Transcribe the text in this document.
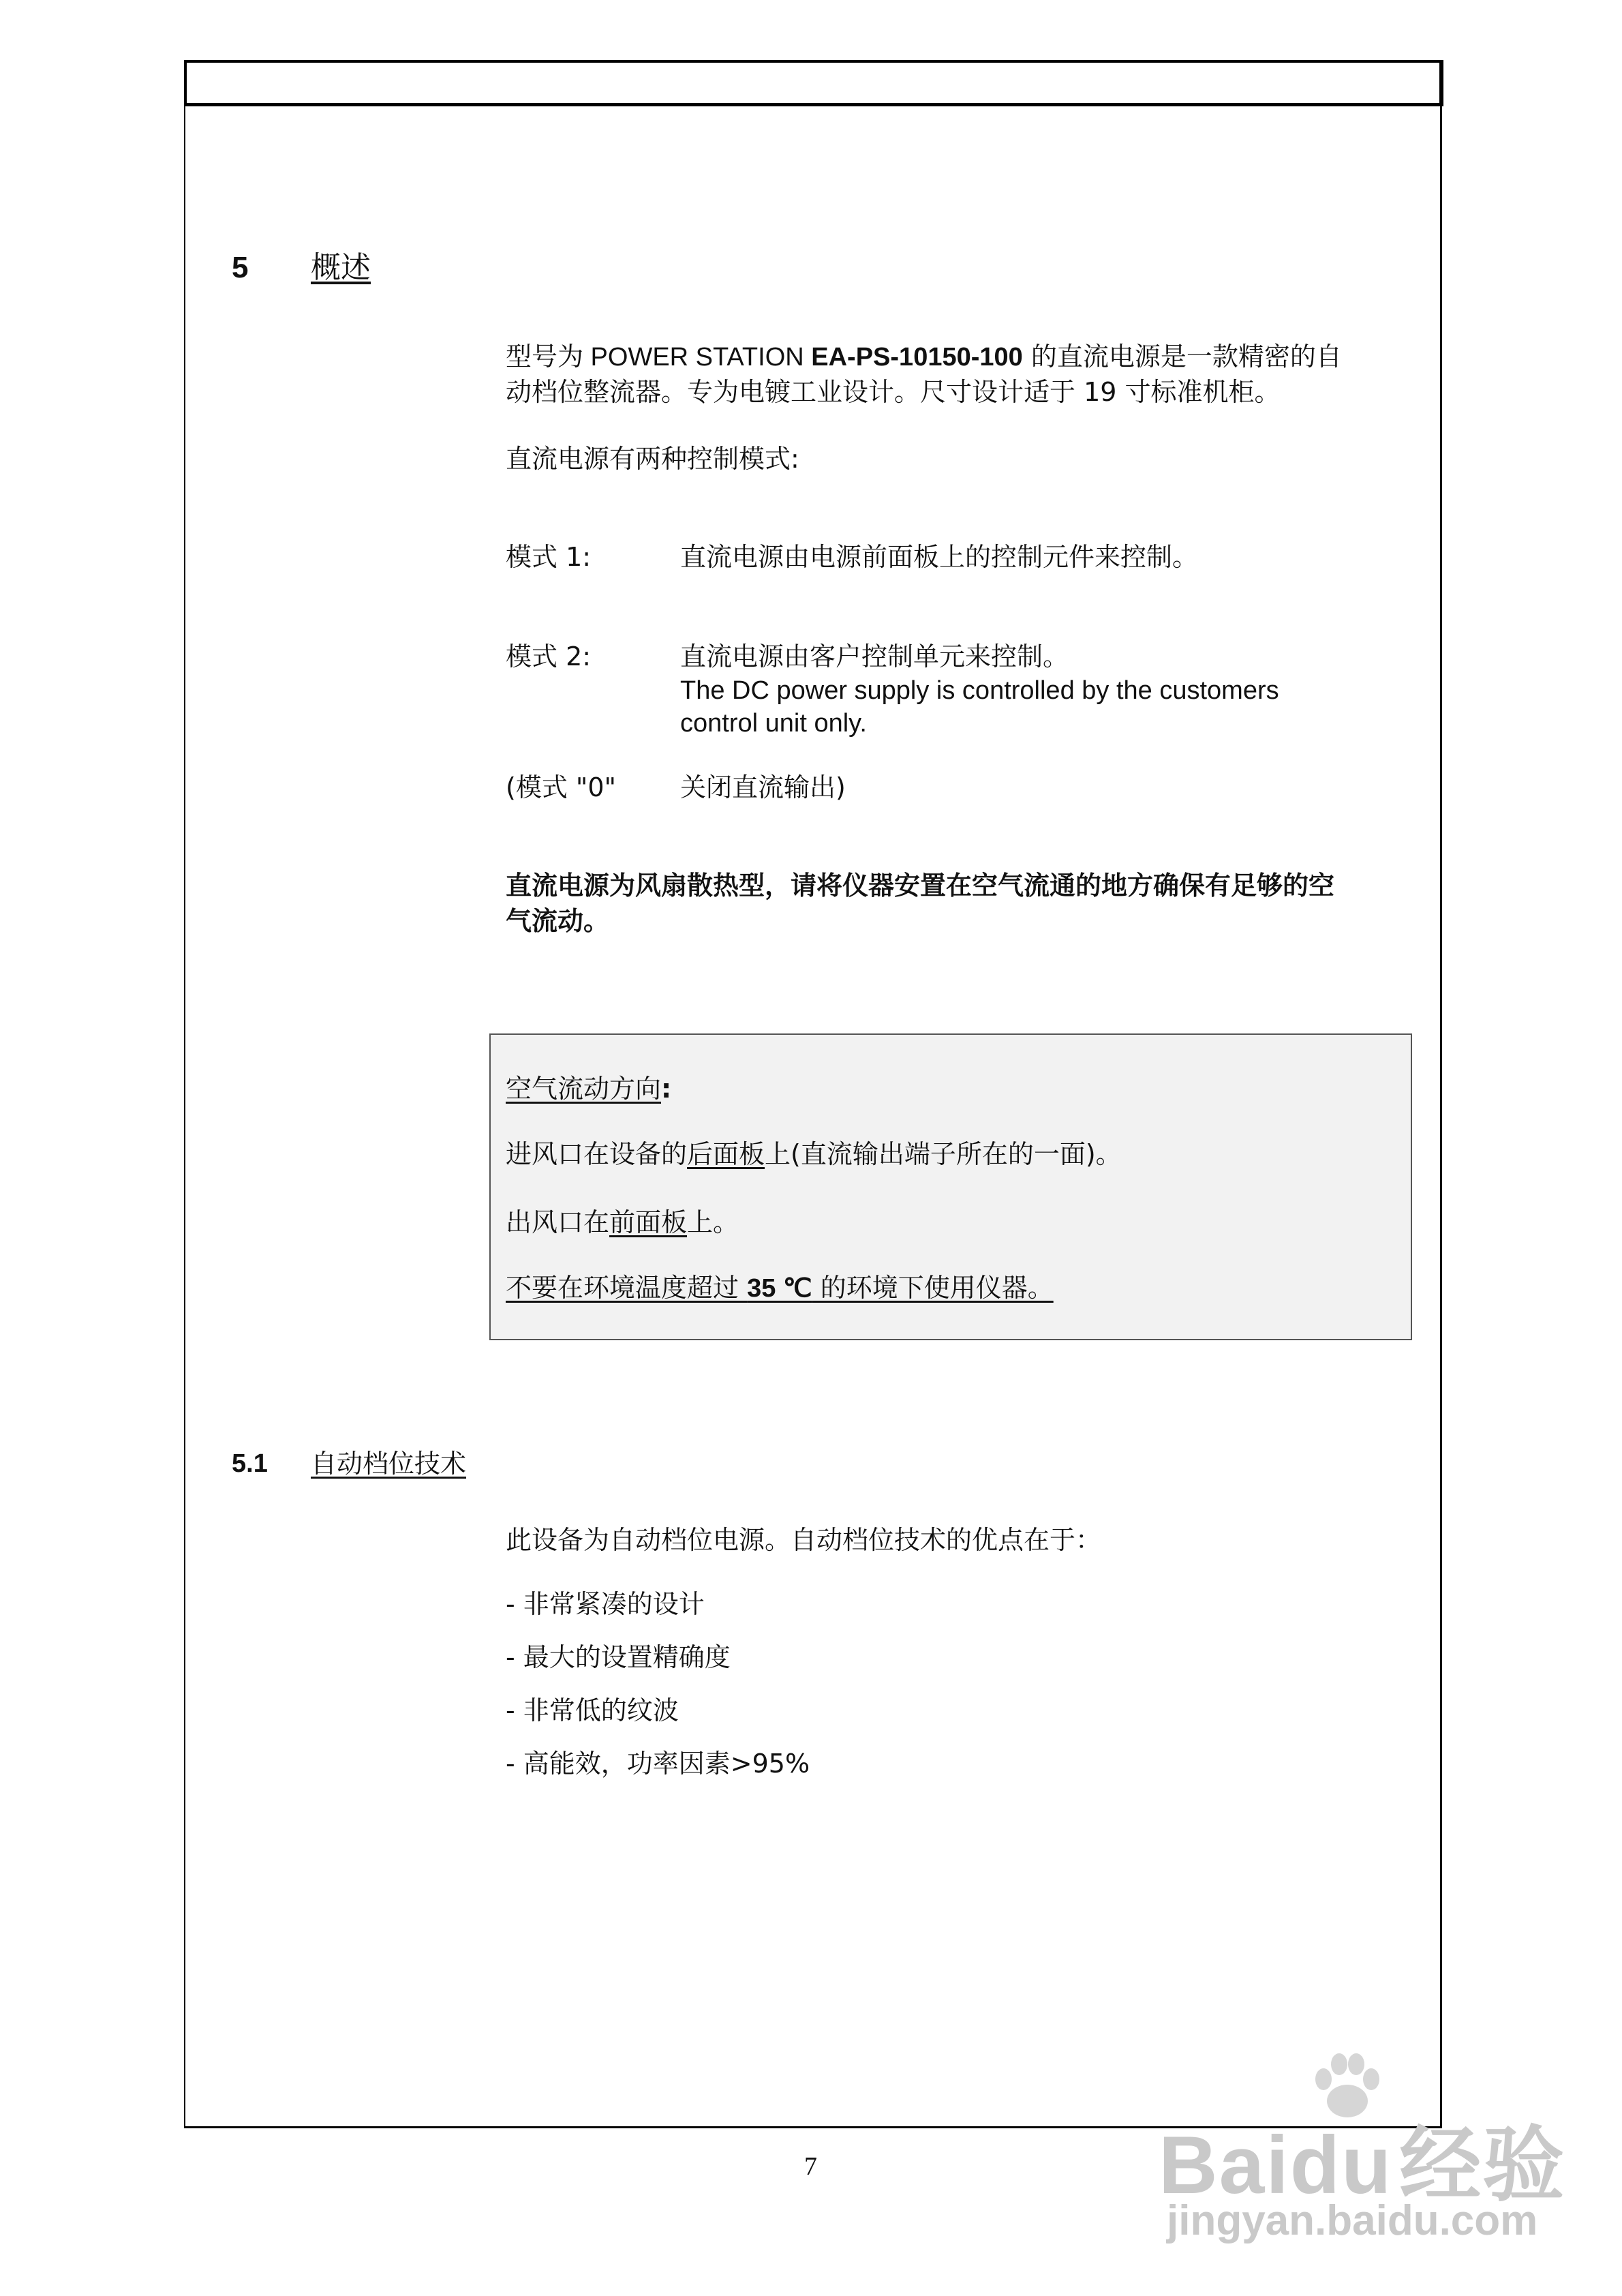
5 概述
型号为 POWER STATION EA-PS-10150-100 的直流电源是一款精密的自
动档位整流器。专为电镀工业设计。尺寸设计适于 19 寸标准机柜。
直流电源有两种控制模式:
模式 1:	直流电源由电源前面板上的控制元件来控制。
模式 2:	直流电源由客户控制单元来控制。
The DC power supply is controlled by the customers
control unit only.
(模式 "0" 关闭直流输出)
直流电源为风扇散热型，请将仪器安置在空气流通的地方确保有足够的空
气流动。
空气流动方向:
进风口在设备的后面板上(直流输出端子所在的一面)。
出风口在前面板上。
不要在环境温度超过 35 ℃ 的环境下使用仪器。
5.1 自动档位技术
此设备为自动档位电源。自动档位技术的优点在于：
- 非常紧凑的设计
- 最大的设置精确度
- 非常低的纹波
- 高能效，功率因素>95%
7	Baidu经验
jingyan.baidu.com
